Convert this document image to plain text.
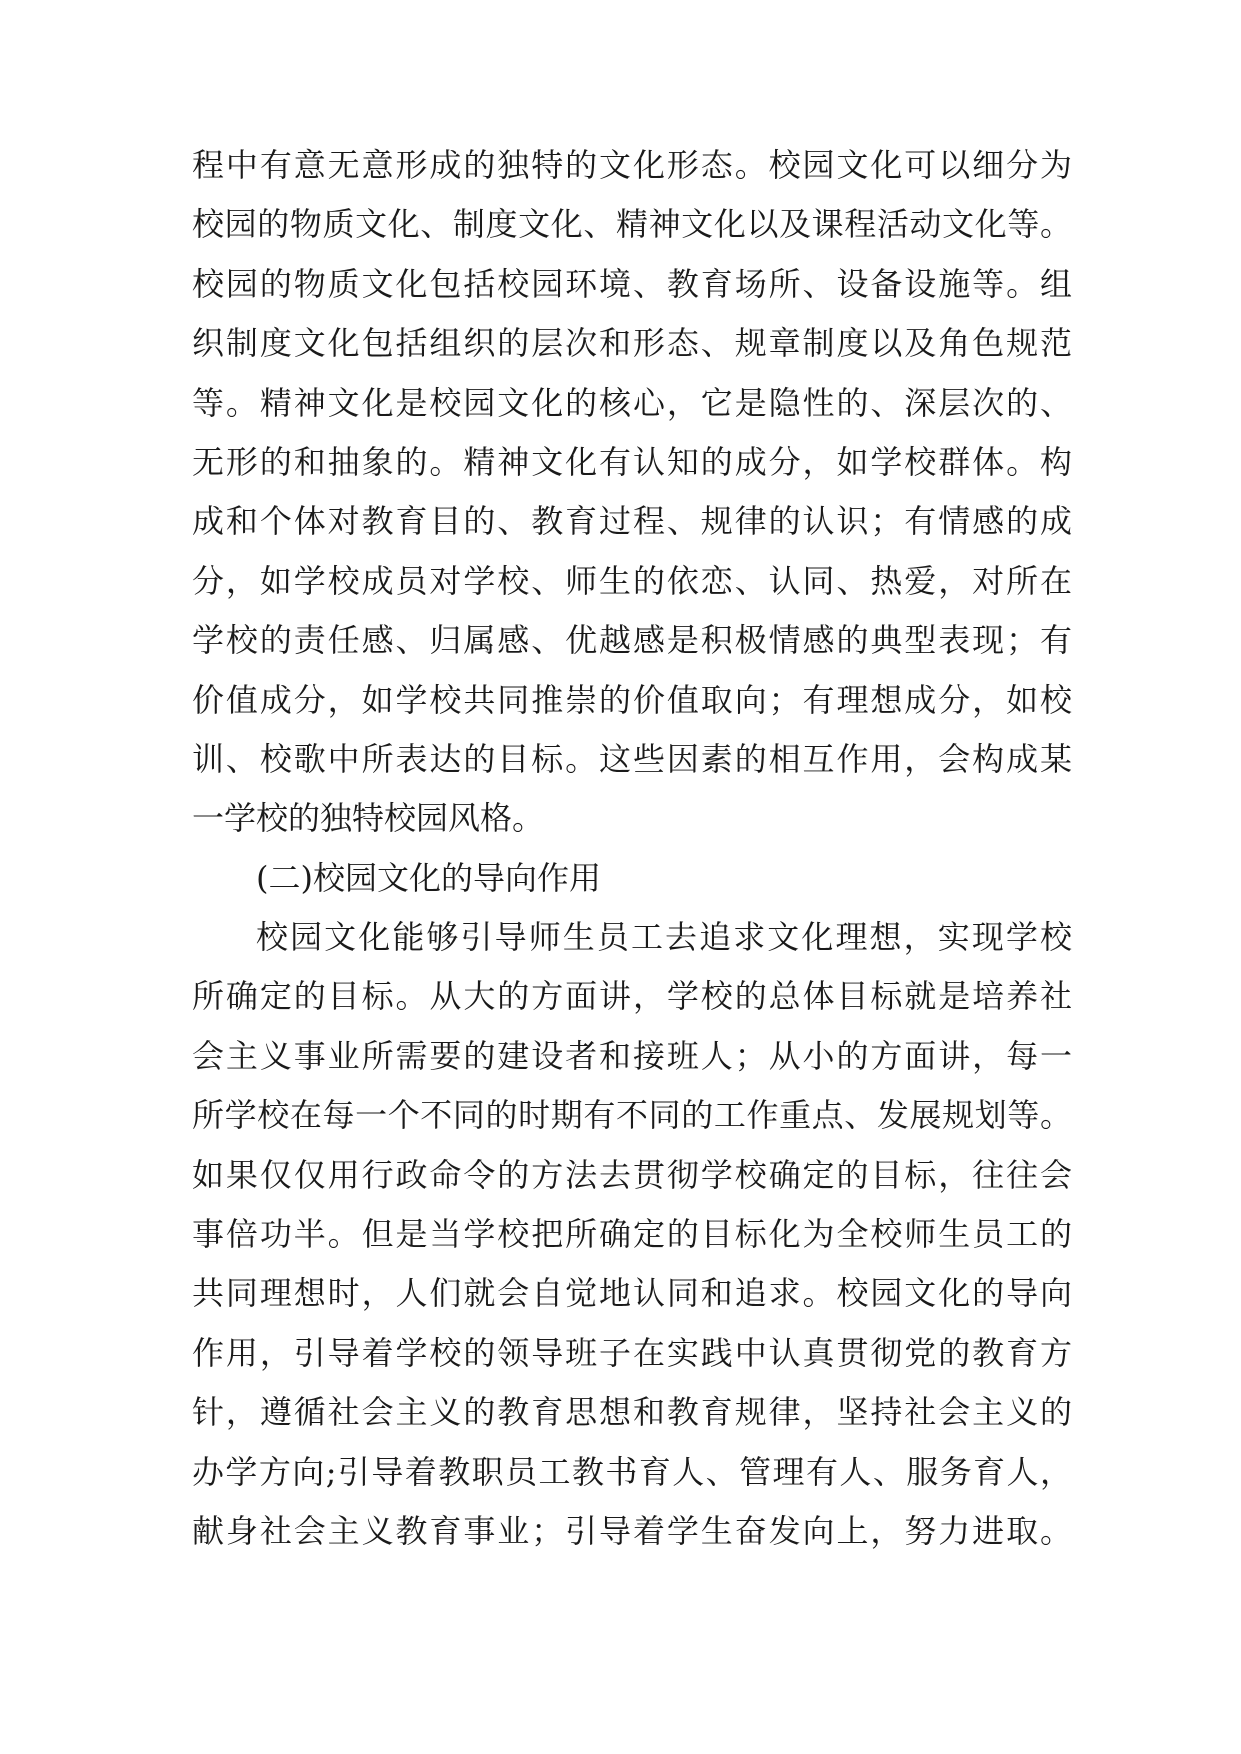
程中有意无意形成的独特的文化形态。校园文化可以细分为
校园的物质文化、制度文化、精神文化以及课程活动文化等。
校园的物质文化包括校园环境、教育场所、设备设施等。组
织制度文化包括组织的层次和形态、规章制度以及角色规范
等。精神文化是校园文化的核心，它是隐性的、深层次的、
无形的和抽象的。精神文化有认知的成分，如学校群体。构
成和个体对教育目的、教育过程、规律的认识；有情感的成
分，如学校成员对学校、师生的依恋、认同、热爱，对所在
学校的责任感、归属感、优越感是积极情感的典型表现；有
价值成分，如学校共同推崇的价值取向；有理想成分，如校
训、校歌中所表达的目标。这些因素的相互作用，会构成某
一学校的独特校园风格。
(二)校园文化的导向作用
校园文化能够引导师生员工去追求文化理想，实现学校
所确定的目标。从大的方面讲，学校的总体目标就是培养社
会主义事业所需要的建设者和接班人；从小的方面讲，每一
所学校在每一个不同的时期有不同的工作重点、发展规划等。
如果仅仅用行政命令的方法去贯彻学校确定的目标，往往会
事倍功半。但是当学校把所确定的目标化为全校师生员工的
共同理想时，人们就会自觉地认同和追求。校园文化的导向
作用，引导着学校的领导班子在实践中认真贯彻党的教育方
针，遵循社会主义的教育思想和教育规律，坚持社会主义的
办学方向;引导着教职员工教书育人、管理有人、服务育人，
献身社会主义教育事业；引导着学生奋发向上，努力进取。
